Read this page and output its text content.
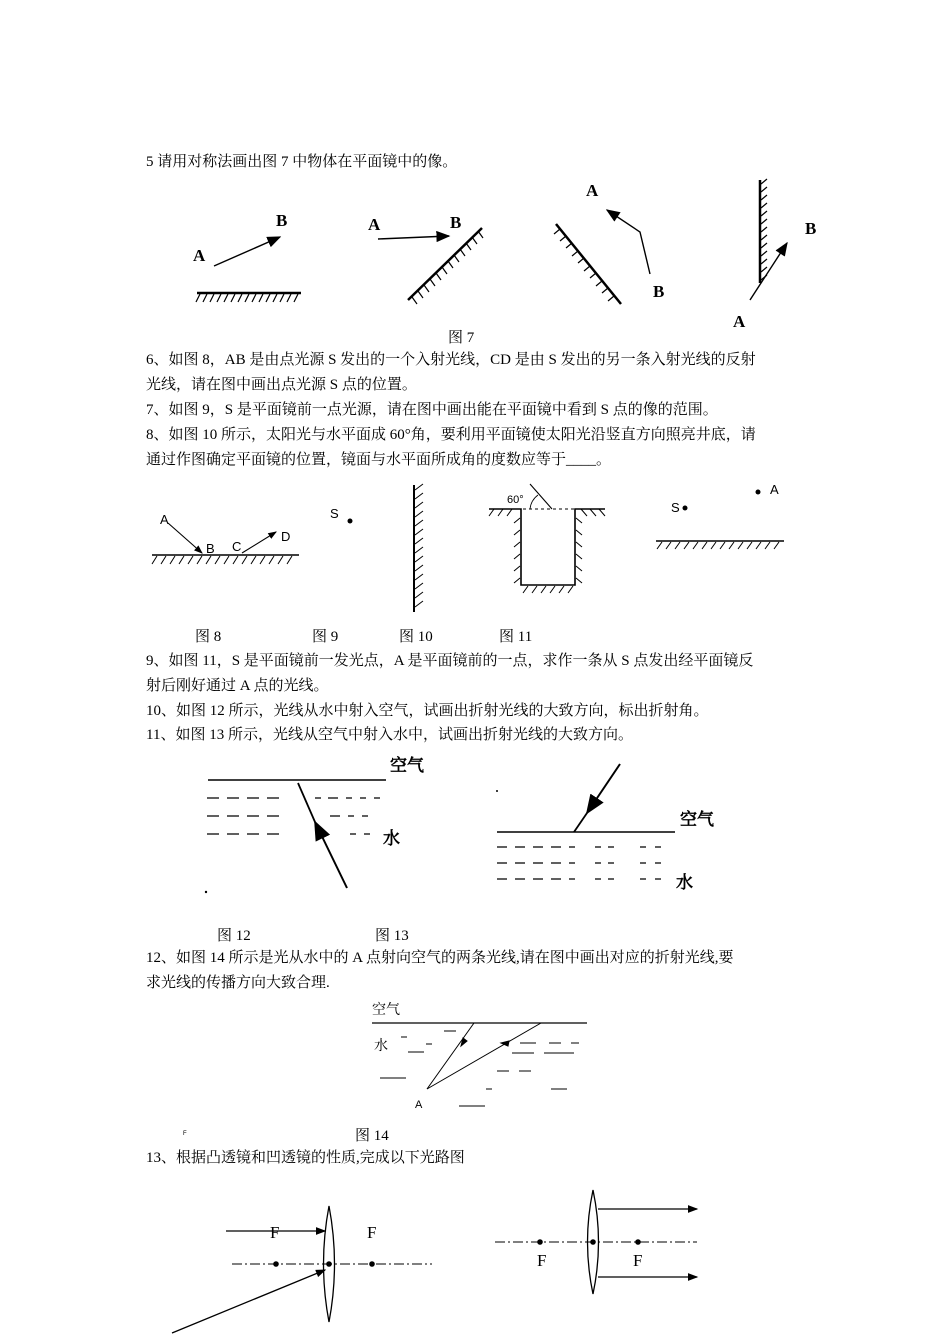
5 请用对称法画出图 7 中物体在平面镜中的像。
A
B	A	B
A
B
A
B
图 7
6、如图 8，AB 是由点光源 S 发出的一个入射光线，CD 是由 S 发出的另一条入射光线的反射
光线，请在图中画出点光源 S 点的位置。
7、如图 9，S 是平面镜前一点光源，请在图中画出能在平面镜中看到 S 点的像的范围。
8、如图 10 所示，太阳光与水平面成 60°角，要利用平面镜使太阳光沿竖直方向照亮井底，请
通过作图确定平面镜的位置，镜面与水平面所成角的度数应等于____。
A
B C
D
S
60°	S
A
图 8	图 9	图 10	图 11
9、如图 11，S 是平面镜前一发光点，A 是平面镜前的一点，求作一条从 S 点发出经平面镜反
射后刚好通过 A 点的光线。
10、如图 12 所示，光线从水中射入空气，试画出折射光线的大致方向，标出折射角。
11、如图 13 所示，光线从空气中射入水中，试画出折射光线的大致方向。
空气
水
空气
水
图 12	图 13
12、如图 14 所示是光从水中的 A 点射向空气的两条光线,请在图中画出对应的折射光线,要
求光线的传播方向大致合理.
空气
水
A
F	图 14
13、根据凸透镜和凹透镜的性质,完成以下光路图
F	F
F	F
